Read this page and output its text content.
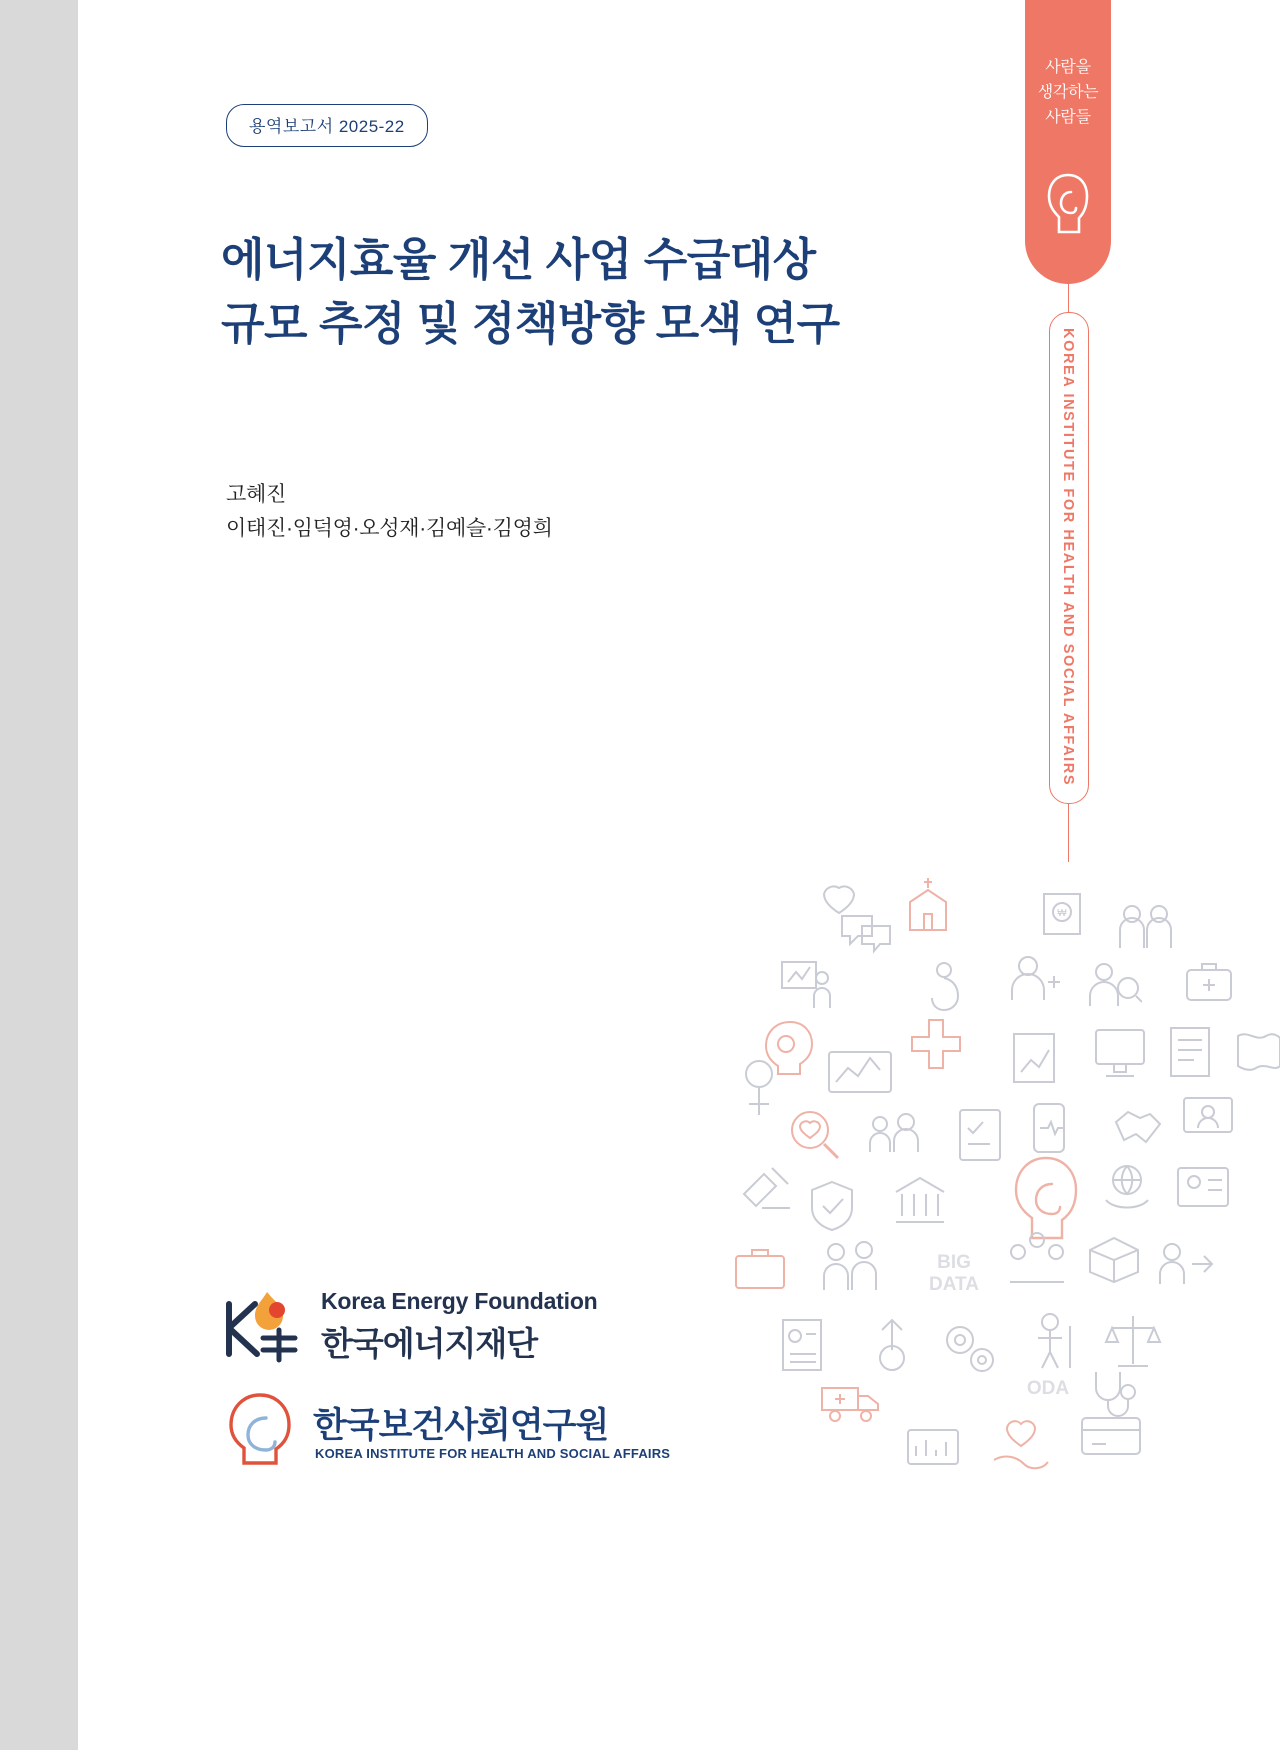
용역보고서 2025-22
에너지효율 개선 사업 수급대상
규모 추정 및 정책방향 모색 연구
고혜진
이태진·임덕영·오성재·김예슬·김영희
사람을
생각하는
사람들
KOREA INSTITUTE FOR HEALTH AND SOCIAL AFFAIRS
₩
BIG
DATA
ODA
Korea Energy Foundation
한국에너지재단
한국보건사회연구원
KOREA INSTITUTE FOR HEALTH AND SOCIAL AFFAIRS
